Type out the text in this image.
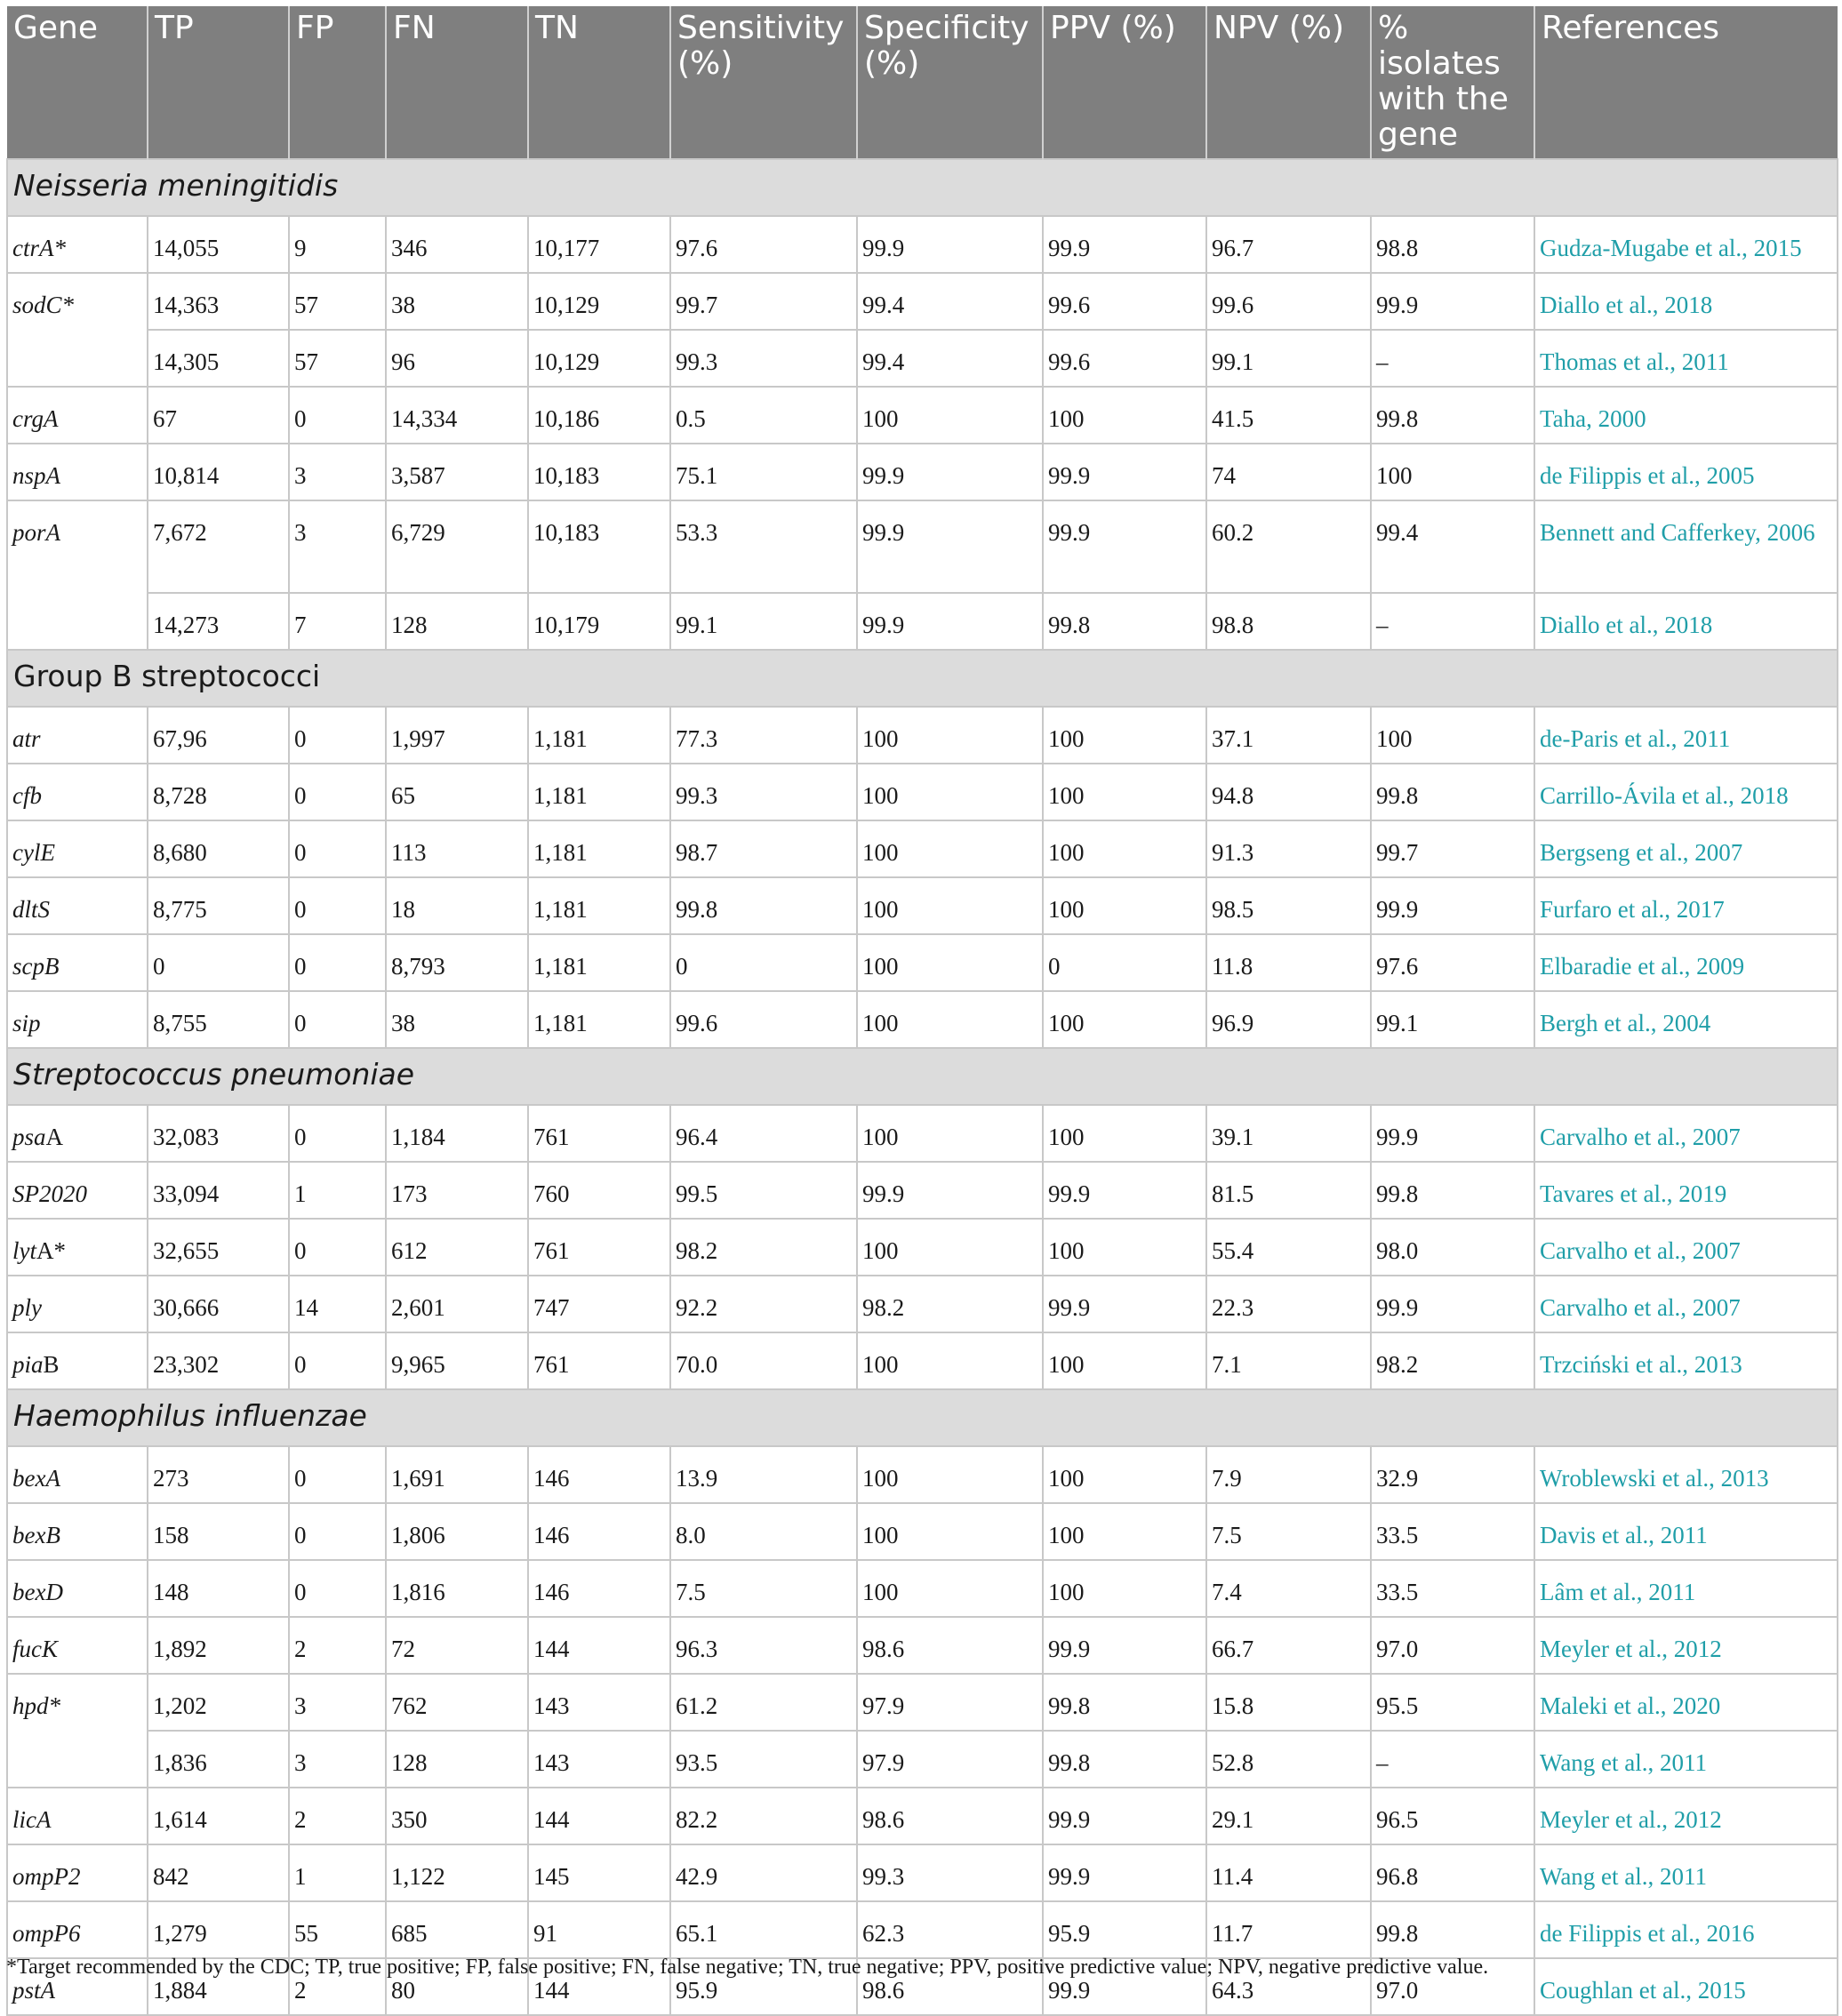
Gene	TP	FP	FN	TN	Sensitivity (%)	Specificity (%)	PPV (%)	NPV (%)	% isolates with the gene	References
Neisseria meningitidis										
ctrA*	14,055	9	346	10,177	97.6	99.9	99.9	96.7	98.8	Gudza-Mugabe et al., 2015
sodC*	14,363	57	38	10,129	99.7	99.4	99.6	99.6	99.9	Diallo et al., 2018
	14,305	57	96	10,129	99.3	99.4	99.6	99.1	–	Thomas et al., 2011
crgA	67	0	14,334	10,186	0.5	100	100	41.5	99.8	Taha, 2000
nspA	10,814	3	3,587	10,183	75.1	99.9	99.9	74	100	de Filippis et al., 2005
porA	7,672	3	6,729	10,183	53.3	99.9	99.9	60.2	99.4	Bennett and Cafferkey, 2006
	14,273	7	128	10,179	99.1	99.9	99.8	98.8	–	Diallo et al., 2018
Group B streptococci										
atr	67,96	0	1,997	1,181	77.3	100	100	37.1	100	de-Paris et al., 2011
cfb	8,728	0	65	1,181	99.3	100	100	94.8	99.8	Carrillo-Ávila et al., 2018
cylE	8,680	0	113	1,181	98.7	100	100	91.3	99.7	Bergseng et al., 2007
dltS	8,775	0	18	1,181	99.8	100	100	98.5	99.9	Furfaro et al., 2017
scpB	0	0	8,793	1,181	0	100	0	11.8	97.6	Elbaradie et al., 2009
sip	8,755	0	38	1,181	99.6	100	100	96.9	99.1	Bergh et al., 2004
Streptococcus pneumoniae										
psaA	32,083	0	1,184	761	96.4	100	100	39.1	99.9	Carvalho et al., 2007
SP2020	33,094	1	173	760	99.5	99.9	99.9	81.5	99.8	Tavares et al., 2019
lytA*	32,655	0	612	761	98.2	100	100	55.4	98.0	Carvalho et al., 2007
ply	30,666	14	2,601	747	92.2	98.2	99.9	22.3	99.9	Carvalho et al., 2007
piaB	23,302	0	9,965	761	70.0	100	100	7.1	98.2	Trzciński et al., 2013
Haemophilus influenzae										
bexA	273	0	1,691	146	13.9	100	100	7.9	32.9	Wroblewski et al., 2013
bexB	158	0	1,806	146	8.0	100	100	7.5	33.5	Davis et al., 2011
bexD	148	0	1,816	146	7.5	100	100	7.4	33.5	Lâm et al., 2011
fucK	1,892	2	72	144	96.3	98.6	99.9	66.7	97.0	Meyler et al., 2012
hpd*	1,202	3	762	143	61.2	97.9	99.8	15.8	95.5	Maleki et al., 2020
	1,836	3	128	143	93.5	97.9	99.8	52.8	–	Wang et al., 2011
licA	1,614	2	350	144	82.2	98.6	99.9	29.1	96.5	Meyler et al., 2012
ompP2	842	1	1,122	145	42.9	99.3	99.9	11.4	96.8	Wang et al., 2011
ompP6	1,279	55	685	91	65.1	62.3	95.9	11.7	99.8	de Filippis et al., 2016
pstA	1,884	2	80	144	95.9	98.6	99.9	64.3	97.0	Coughlan et al., 2015
*Target recommended by the CDC; TP, true positive; FP, false positive; FN, false negative; TN, true negative; PPV, positive predictive value; NPV, negative predictive value.
